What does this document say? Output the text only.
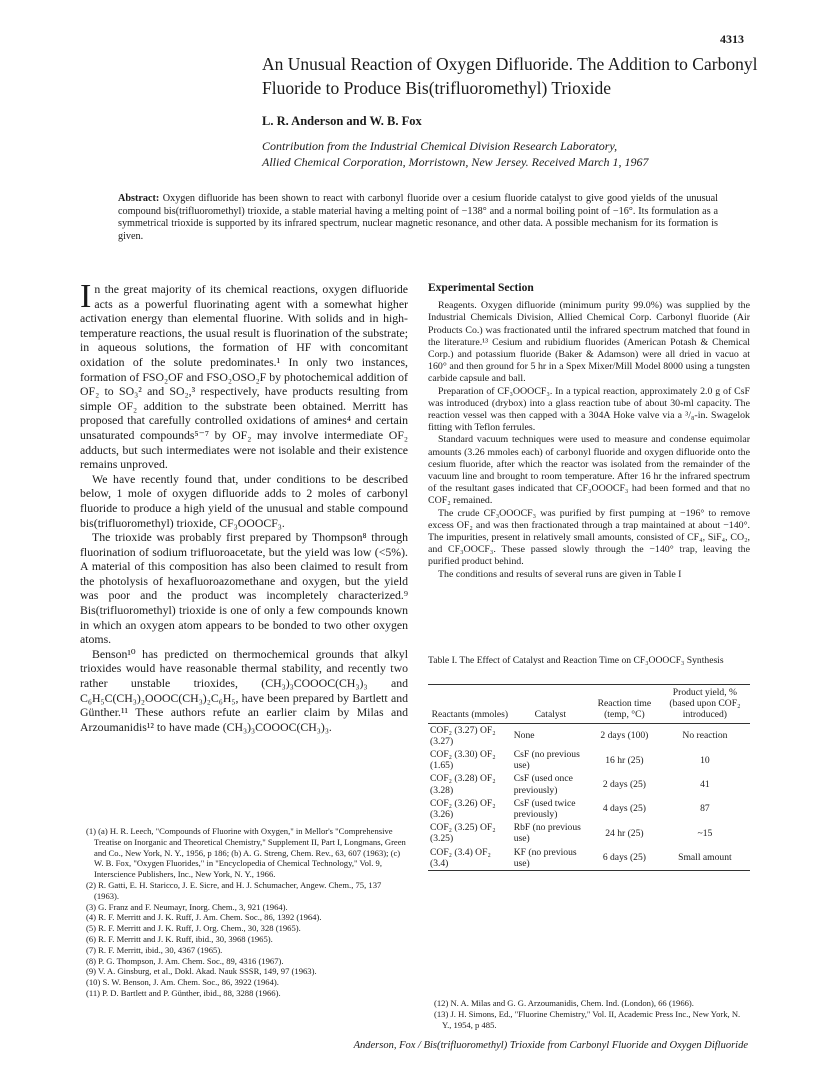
4313
An Unusual Reaction of Oxygen Difluoride. The Addition to Carbonyl Fluoride to Produce Bis(trifluoromethyl) Trioxide
L. R. Anderson and W. B. Fox
Contribution from the Industrial Chemical Division Research Laboratory,
Allied Chemical Corporation, Morristown, New Jersey. Received March 1, 1967
Abstract: Oxygen difluoride has been shown to react with carbonyl fluoride over a cesium fluoride catalyst to give good yields of the unusual compound bis(trifluoromethyl) trioxide, a stable material having a melting point of −138° and a normal boiling point of −16°. Its formulation as a symmetrical trioxide is supported by its infrared spectrum, nuclear magnetic resonance, and other data. A possible mechanism for its formation is given.

In the great majority of its chemical reactions, oxygen difluoride acts as a powerful fluorinating agent with a somewhat higher activation energy than elemental fluorine. With solids and in high-temperature reactions, the usual result is fluorination of the substrate; in aqueous solutions, the formation of HF with concomitant oxidation of the solute predominates.¹ In only two instances, formation of FSO₂OF and FSO₂OSO₂F by photochemical addition of OF₂ to SO₃² and SO₂,³ respectively, have products resulting from simple OF₂ addition to the substrate been obtained. Merritt has proposed that carefully controlled oxidations of amines⁴ and certain unsaturated compounds⁵⁻⁷ by OF₂ may involve intermediate OF₂ adducts, but such intermediates were not isolable and their existence remains unproved.

We have recently found that, under conditions to be described below, 1 mole of oxygen difluoride adds to 2 moles of carbonyl fluoride to produce a high yield of the unusual and stable compound bis(trifluoromethyl) trioxide, CF₃OOOCF₃.

The trioxide was probably first prepared by Thompson⁸ through fluorination of sodium trifluoroacetate, but the yield was low (<5%). A material of this composition has also been claimed to result from the photolysis of hexafluoroazomethane and oxygen, but the yield was poor and the product was incompletely characterized.⁹ Bis(trifluoromethyl) trioxide is one of only a few compounds known in which an oxygen atom appears to be bonded to two other oxygen atoms.

Benson¹⁰ has predicted on thermochemical grounds that alkyl trioxides would have reasonable thermal stability, and recently two rather unstable trioxides, (CH₃)₃COOOC(CH₃)₃ and C₆H₅C(CH₃)₂OOOC(CH₃)₂C₆H₅, have been prepared by Bartlett and Günther.¹¹ These authors refute an earlier claim by Milas and Arzoumanidis¹² to have made (CH₃)₃COOOC(CH₃)₃.

(1) (a) H. R. Leech, "Compounds of Fluorine with Oxygen," in Mellor's "Comprehensive Treatise on Inorganic and Theoretical Chemistry," Supplement II, Part I, Longmans, Green and Co., New York, N. Y., 1956, p 186; (b) A. G. Streng, Chem. Rev., 63, 607 (1963); (c) W. B. Fox, "Oxygen Fluorides," in "Encyclopedia of Chemical Technology," Vol. 9, Interscience Publishers, Inc., New York, N. Y., 1966.

(2) R. Gatti, E. H. Staricco, J. E. Sicre, and H. J. Schumacher, Angew. Chem., 75, 137 (1963).

(3) G. Franz and F. Neumayr, Inorg. Chem., 3, 921 (1964).

(4) R. F. Merritt and J. K. Ruff, J. Am. Chem. Soc., 86, 1392 (1964).

(5) R. F. Merritt and J. K. Ruff, J. Org. Chem., 30, 328 (1965).

(6) R. F. Merritt and J. K. Ruff, ibid., 30, 3968 (1965).

(7) R. F. Merritt, ibid., 30, 4367 (1965).

(8) P. G. Thompson, J. Am. Chem. Soc., 89, 4316 (1967).

(9) V. A. Ginsburg, et al., Dokl. Akad. Nauk SSSR, 149, 97 (1963).

(10) S. W. Benson, J. Am. Chem. Soc., 86, 3922 (1964).

(11) P. D. Bartlett and P. Günther, ibid., 88, 3288 (1966).

Experimental Section

Reagents. Oxygen difluoride (minimum purity 99.0%) was supplied by the Industrial Chemicals Division, Allied Chemical Corp. Carbonyl fluoride (Air Products Co.) was fractionated until the infrared spectrum matched that found in the literature.¹³ Cesium and rubidium fluorides (American Potash & Chemical Corp.) and potassium fluoride (Baker & Adamson) were all dried in vacuo at 160° and then ground for 5 hr in a Spex Mixer/Mill Model 8000 using a tungsten carbide capsule and ball.

Preparation of CF₃OOOCF₃. In a typical reaction, approximately 2.0 g of CsF was introduced (drybox) into a glass reaction tube of about 30-ml capacity. The reaction vessel was then capped with a 304A Hoke valve via a ³/₈-in. Swagelok fitting with Teflon ferrules.

Standard vacuum techniques were used to measure and condense equimolar amounts (3.26 mmoles each) of carbonyl fluoride and oxygen difluoride onto the cesium fluoride, after which the reactor was isolated from the remainder of the vacuum line and brought to room temperature. After 16 hr the infrared spectrum of the resultant gases indicated that CF₃OOOCF₃ had been formed and that no COF₂ remained.

The crude CF₃OOOCF₃ was purified by first pumping at −196° to remove excess OF₂ and was then fractionated through a trap maintained at about −140°. The impurities, present in relatively small amounts, consisted of CF₄, SiF₄, CO₂, and CF₃OOCF₃. These passed slowly through the −140° trap, leaving the purified product behind.

The conditions and results of several runs are given in Table I

Table I. The Effect of Catalyst and Reaction Time on CF₃OOOCF₃ Synthesis
Reactants (mmoles)	Catalyst	Reaction time (temp, °C)	Product yield, % (based upon COF₂ introduced)
COF₂ (3.27) OF₂ (3.27)	None	2 days (100)	No reaction
COF₂ (3.30) OF₂ (1.65)	CsF (no previous use)	16 hr (25)	10
COF₂ (3.28) OF₂ (3.28)	CsF (used once previously)	2 days (25)	41
COF₂ (3.26) OF₂ (3.26)	CsF (used twice previously)	4 days (25)	87
COF₂ (3.25) OF₂ (3.25)	RbF (no previous use)	24 hr (25)	~15
COF₂ (3.4) OF₂ (3.4)	KF (no previous use)	6 days (25)	Small amount

(12) N. A. Milas and G. G. Arzoumanidis, Chem. Ind. (London), 66 (1966).

(13) J. H. Simons, Ed., "Fluorine Chemistry," Vol. II, Academic Press Inc., New York, N. Y., 1954, p 485.

Anderson, Fox / Bis(trifluoromethyl) Trioxide from Carbonyl Fluoride and Oxygen Difluoride
